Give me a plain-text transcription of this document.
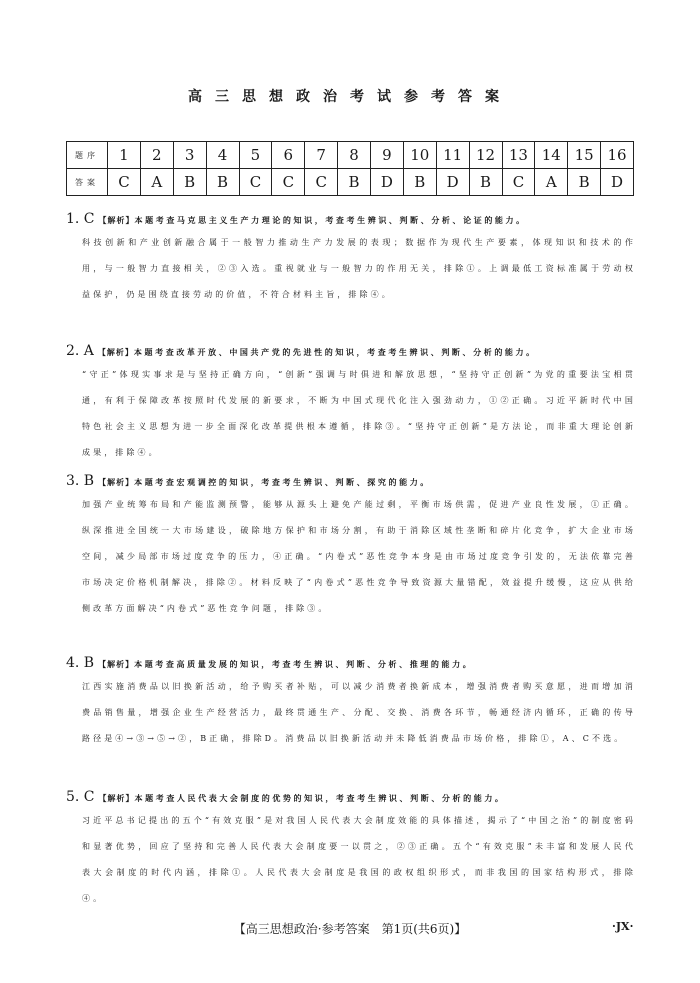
高三思想政治考试参考答案
题序	1	2	3	4	5	6	7	8	9	10	11	12	13	14	15	16
答案	C	A	B	B	C	C	C	B	D	B	D	B	C	A	B	D
1. C 【解析】本题考查马克思主义生产力理论的知识，考查考生辨识、判断、分析、论证的能力。
科技创新和产业创新融合属于一般智力推动生产力发展的表现；数据作为现代生产要素，体现知识和技术的作用，与一般智力直接相关，②③入选。重视就业与一般智力的作用无关，排除①。上调最低工资标准属于劳动权益保护，仍是围绕直接劳动的价值，不符合材料主旨，排除④。
2. A 【解析】本题考查改革开放、中国共产党的先进性的知识，考查考生辨识、判断、分析的能力。
“守正”体现实事求是与坚持正确方向，“创新”强调与时俱进和解放思想，“坚持守正创新”为党的重要法宝相贯通，有利于保障改革按照时代发展的新要求，不断为中国式现代化注入强劲动力，①②正确。习近平新时代中国特色社会主义思想为进一步全面深化改革提供根本遵循，排除③。“坚持守正创新”是方法论，而非重大理论创新成果，排除④。
3. B 【解析】本题考查宏观调控的知识，考查考生辨识、判断、探究的能力。
加强产业统筹布局和产能监测预警，能够从源头上避免产能过剩，平衡市场供需，促进产业良性发展，①正确。纵深推进全国统一大市场建设，破除地方保护和市场分割，有助于消除区域性垄断和碎片化竞争，扩大企业市场空间，减少局部市场过度竞争的压力，④正确。“内卷式”恶性竞争本身是由市场过度竞争引发的，无法依靠完善市场决定价格机制解决，排除②。材料反映了“内卷式”恶性竞争导致资源大量错配，效益提升缓慢，这应从供给侧改革方面解决“内卷式”恶性竞争问题，排除③。
4. B 【解析】本题考查高质量发展的知识，考查考生辨识、判断、分析、推理的能力。
江西实施消费品以旧换新活动，给予购买者补贴，可以减少消费者换新成本，增强消费者购买意愿，进而增加消费品销售量，增强企业生产经营活力，最终贯通生产、分配、交换、消费各环节，畅通经济内循环，正确的传导路径是④→③→⑤→②，B正确，排除D。消费品以旧换新活动并未降低消费品市场价格，排除①，A、C不选。
5. C 【解析】本题考查人民代表大会制度的优势的知识，考查考生辨识、判断、分析的能力。
习近平总书记提出的五个“有效克服”是对我国人民代表大会制度效能的具体描述，揭示了“中国之治”的制度密码和显著优势，回应了坚持和完善人民代表大会制度要一以贯之，②③正确。五个“有效克服”未丰富和发展人民代表大会制度的时代内涵，排除①。人民代表大会制度是我国的政权组织形式，而非我国的国家结构形式，排除④。
【高三思想政治·参考答案　第1页(共6页)】	·JX·
